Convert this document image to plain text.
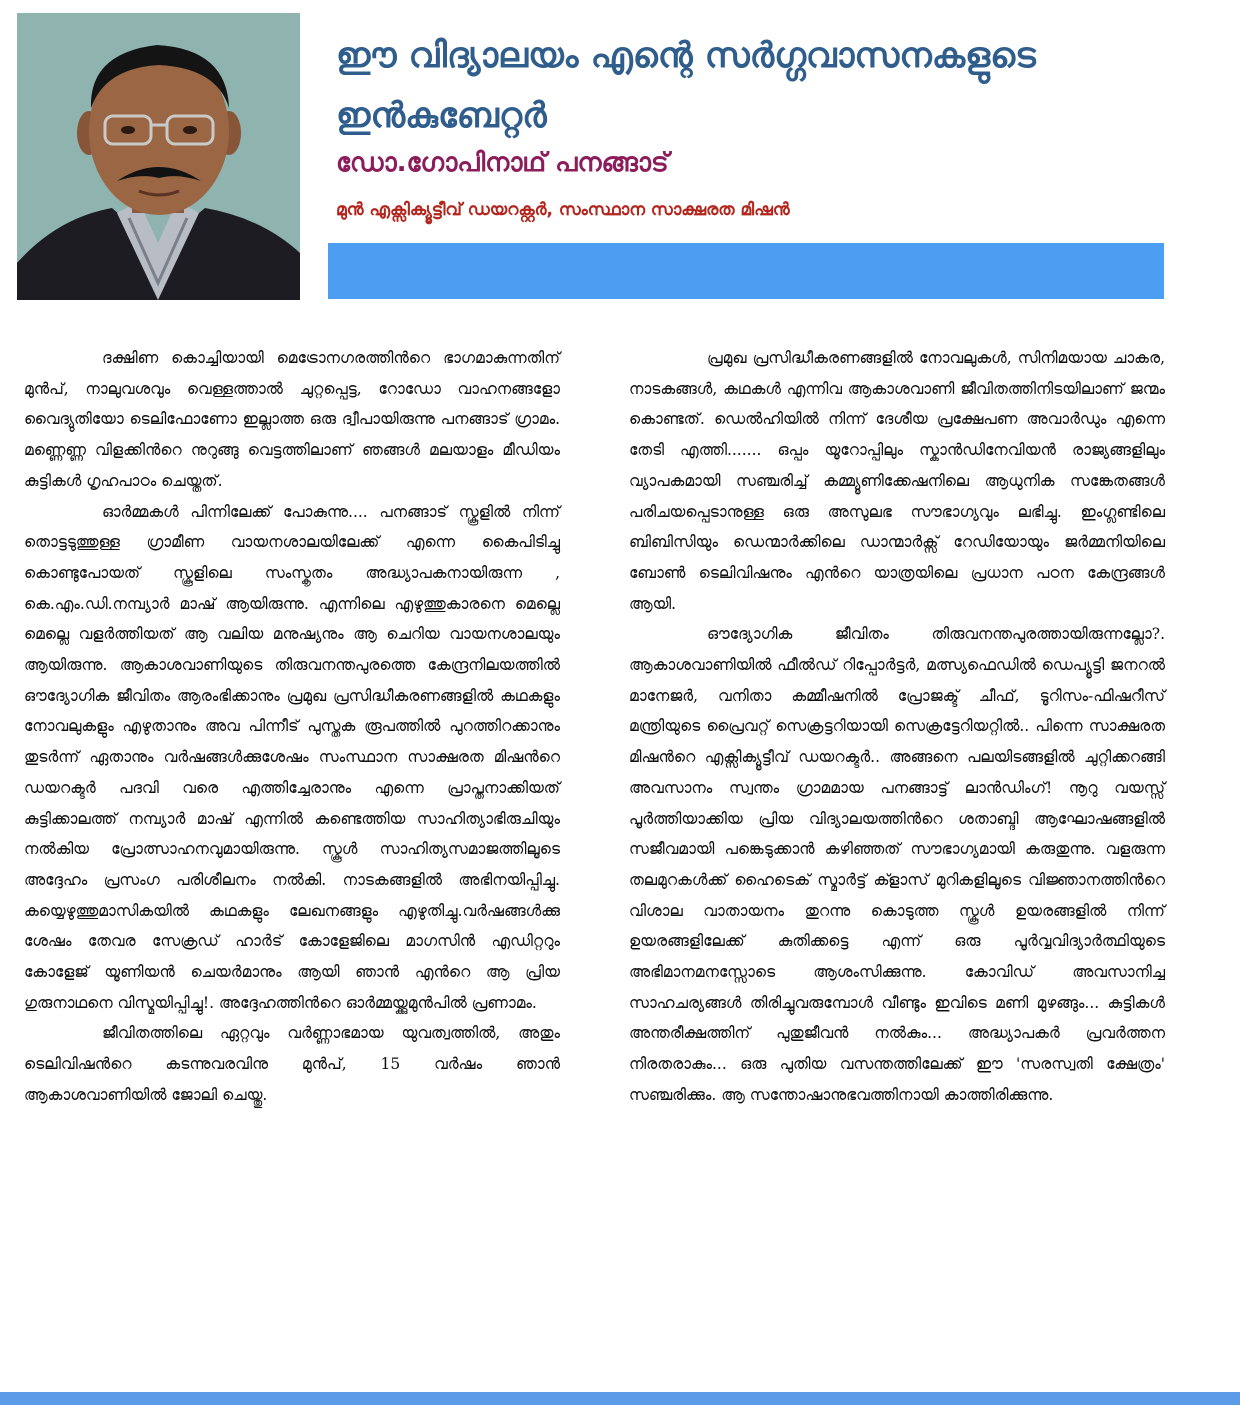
ഈ വിദ്യാലയം എന്റെ സർഗ്ഗവാസനകളുടെ ഇൻകുബേറ്റർ
ഡോ.ഗോപിനാഥ് പനങ്ങാട്
മുൻ എക്സിക്യൂട്ടീവ് ഡയറക്റ്റർ, സംസ്ഥാന സാക്ഷരത മിഷൻ

ദക്ഷിണ കൊച്ചിയായി മെട്രോനഗരത്തിൻറെ ഭാഗമാകുന്നതിന് മുൻപ്, നാലുവശവും വെള്ളത്താൽ ചുറ്റപ്പെട്ട, റോഡോ വാഹനങ്ങളോ വൈദ്യുതിയോ ടെലിഫോണോ ഇല്ലാത്ത ഒരു ദ്വീപായിരുന്നു പനങ്ങാട് ഗ്രാമം. മണ്ണെണ്ണ വിളക്കിൻറെ നുറുങ്ങു വെട്ടത്തിലാണ് ഞങ്ങൾ മലയാളം മീഡിയം കുട്ടികൾ ഗൃഹപാഠം ചെയ്തത്.

ഓർമ്മകൾ പിന്നിലേക്ക് പോകുന്നു.... പനങ്ങാട് സ്കൂളിൽ നിന്ന് തൊട്ടടുത്തുള്ള ഗ്രാമീണ വായനശാലയിലേക്ക് എന്നെ കൈപിടിച്ചു കൊണ്ടുപോയത് സ്കൂളിലെ സംസ്കൃതം അദ്ധ്യാപകനായിരുന്ന , കെ.എം.ഡി.നമ്പ്യാർ മാഷ് ആയിരുന്നു. എന്നിലെ എഴുത്തുകാരനെ മെല്ലെ മെല്ലെ വളർത്തിയത് ആ വലിയ മനുഷ്യനും ആ ചെറിയ വായനശാലയും ആയിരുന്നു. ആകാശവാണിയുടെ തിരുവനന്തപുരത്തെ കേന്ദ്രനിലയത്തിൽ ഔദ്യോഗിക ജീവിതം ആരംഭിക്കാനും പ്രമുഖ പ്രസിദ്ധീകരണങ്ങളിൽ കഥകളും നോവലുകളും എഴുതാനും അവ പിന്നീട് പുസ്തക രൂപത്തിൽ പുറത്തിറക്കാനും തുടർന്ന് ഏതാനും വർഷങ്ങൾക്കുശേഷം സംസ്ഥാന സാക്ഷരത മിഷൻറെ ഡയറക്ടർ പദവി വരെ എത്തിച്ചേരാനും എന്നെ പ്രാപ്തനാക്കിയത് കുട്ടിക്കാലത്ത് നമ്പ്യാർ മാഷ് എന്നിൽ കണ്ടെത്തിയ സാഹിത്യാഭിരുചിയും നൽകിയ പ്രോത്സാഹനവുമായിരുന്നു. സ്കൂൾ സാഹിത്യസമാജത്തിലൂടെ അദ്ദേഹം പ്രസംഗ പരിശീലനം നൽകി. നാടകങ്ങളിൽ അഭിനയിപ്പിച്ചു. കയ്യെഴുത്തുമാസികയിൽ കഥകളും ലേഖനങ്ങളും എഴുതിച്ചു.വർഷങ്ങൾക്കു ശേഷം തേവര സേക്രഡ് ഹാർട് കോളേജിലെ മാഗസിൻ എഡിറ്ററും കോളേജ് യൂണിയൻ ചെയർമാനും ആയി ഞാൻ എൻറെ ആ പ്രിയ ഗുരുനാഥനെ വിസ്മയിപ്പിച്ചു!. അദ്ദേഹത്തിൻറെ ഓർമ്മയ്ക്കുമുൻപിൽ പ്രണാമം.

ജീവിതത്തിലെ ഏറ്റവും വർണ്ണാഭമായ യുവത്വത്തിൽ, അതും ടെലിവിഷൻറെ കടന്നുവരവിനു മുൻപ്, 15 വർഷം ഞാൻ ആകാശവാണിയിൽ ജോലി ചെയ്തു.

പ്രമുഖ പ്രസിദ്ധീകരണങ്ങളിൽ നോവലുകൾ, സിനിമയായ ചാകര, നാടകങ്ങൾ, കഥകൾ എന്നിവ ആകാശവാണി ജീവിതത്തിനിടയിലാണ് ജന്മം കൊണ്ടത്. ഡെൽഹിയിൽ നിന്ന് ദേശീയ പ്രക്ഷേപണ അവാർഡും എന്നെ തേടി എത്തി....... ഒപ്പം യൂറോപ്പിലും സ്കാൻഡിനേവിയൻ രാജ്യങ്ങളിലും വ്യാപകമായി സഞ്ചരിച്ച് കമ്മ്യൂണിക്കേഷനിലെ ആധുനിക സങ്കേതങ്ങൾ പരിചയപ്പെടാനുള്ള ഒരു അസുലഭ സൗഭാഗ്യവും ലഭിച്ചു. ഇംഗ്ലണ്ടിലെ ബിബിസിയും ഡെന്മാർക്കിലെ ഡാന്മാർക്സ് റേഡിയോയും ജർമ്മനിയിലെ ബോൺ ടെലിവിഷനും എൻറെ യാത്രയിലെ പ്രധാന പഠന കേന്ദ്രങ്ങൾ ആയി.

ഔദ്യോഗിക ജീവിതം തിരുവനന്തപുരത്തായിരുന്നല്ലോ?. ആകാശവാണിയിൽ ഫീൽഡ് റിപ്പോർട്ടർ, മത്സ്യഫെഡിൽ ഡെപ്യൂട്ടി ജനറൽ മാനേജർ, വനിതാ കമ്മീഷനിൽ പ്രോജക്ട് ചീഫ്, ടൂറിസം-ഫിഷറീസ് മന്ത്രിയുടെ പ്രൈവറ്റ് സെക്രട്ടറിയായി സെക്രട്ടേറിയറ്റിൽ.. പിന്നെ സാക്ഷരത മിഷൻറെ എക്സിക്യൂട്ടീവ് ഡയറക്ടർ.. അങ്ങനെ പലയിടങ്ങളിൽ ചുറ്റിക്കറങ്ങി അവസാനം സ്വന്തം ഗ്രാമമായ പനങ്ങാട്ട് ലാൻഡിംഗ്! നൂറു വയസ്സ് പൂർത്തിയാക്കിയ പ്രിയ വിദ്യാലയത്തിൻറെ ശതാബ്ദി ആഘോഷങ്ങളിൽ സജീവമായി പങ്കെടുക്കാൻ കഴിഞ്ഞത് സൗഭാഗ്യമായി കരുതുന്നു. വളരുന്ന തലമുറകൾക്ക് ഹൈടെക് സ്മാർട്ട് ക്ളാസ് മുറികളിലൂടെ വിജ്ഞാനത്തിൻറെ വിശാല വാതായനം തുറന്നു കൊടുത്ത സ്കൂൾ ഉയരങ്ങളിൽ നിന്ന് ഉയരങ്ങളിലേക്ക് കുതിക്കട്ടെ എന്ന് ഒരു പൂർവ്വവിദ്യാർത്ഥിയുടെ അഭിമാനമനസ്സോടെ ആശംസിക്കുന്നു. കോവിഡ് അവസാനിച്ച സാഹചര്യങ്ങൾ തിരിച്ചുവരുമ്പോൾ വീണ്ടും ഇവിടെ മണി മുഴങ്ങും... കുട്ടികൾ അന്തരീക്ഷത്തിന് പുതുജീവൻ നൽകും... അദ്ധ്യാപകർ പ്രവർത്തന നിരതരാകും... ഒരു പുതിയ വസന്തത്തിലേക്ക് ഈ 'സരസ്വതി ക്ഷേത്രം' സഞ്ചരിക്കും. ആ സന്തോഷാനുഭവത്തിനായി കാത്തിരിക്കുന്നു.
